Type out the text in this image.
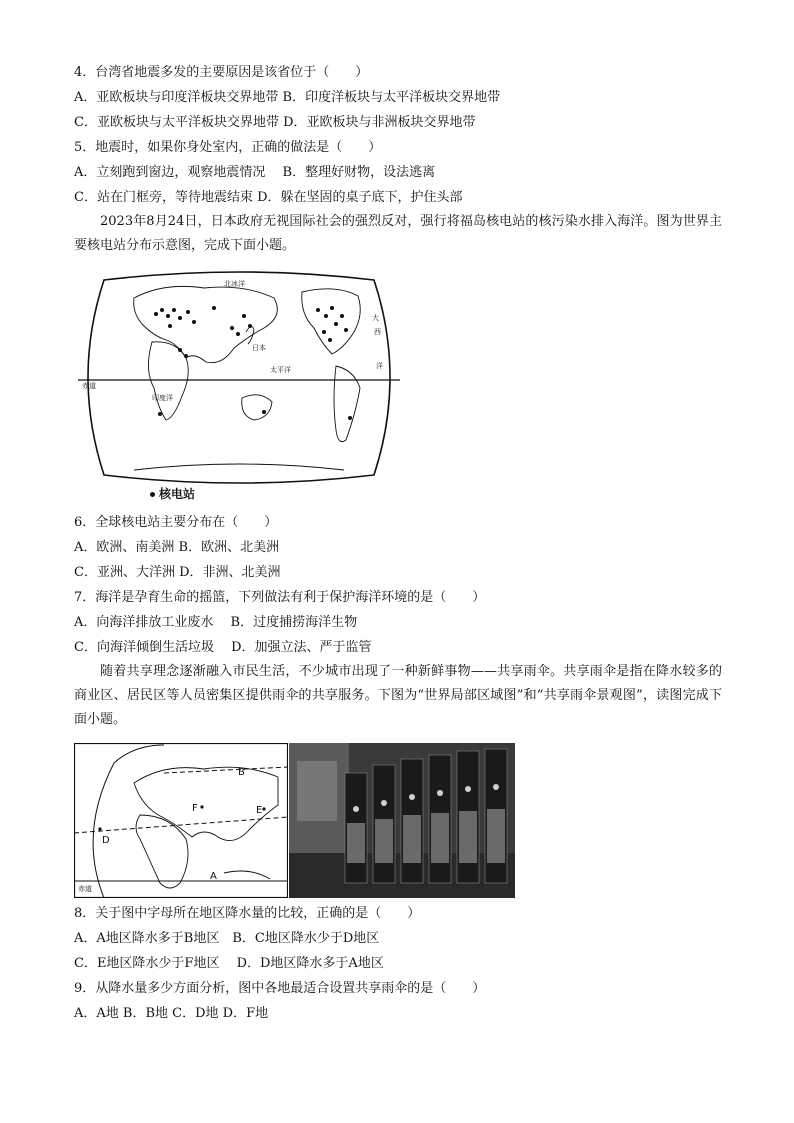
4．台湾省地震多发的主要原因是该省位于（　　）
A．亚欧板块与印度洋板块交界地带 B．印度洋板块与太平洋板块交界地带
C．亚欧板块与太平洋板块交界地带 D．亚欧板块与非洲板块交界地带
5．地震时，如果你身处室内，正确的做法是（　　）
A．立刻跑到窗边，观察地震情况　 B．整理好财物，设法逃离
C．站在门框旁，等待地震结束 D．躲在坚固的桌子底下，护住头部
2023年8月24日，日本政府无视国际社会的强烈反对，强行将福岛核电站的核污染水排入海洋。图为世界主要核电站分布示意图，完成下面小题。
北冰洋
大
西
洋
日本
太平洋
印度洋
赤道
核电站
6．全球核电站主要分布在（　　）
A．欧洲、南美洲 B．欧洲、北美洲
C．亚洲、大洋洲 D．非洲、北美洲
7．海洋是孕育生命的摇篮，下列做法有利于保护海洋环境的是（　　）
A．向海洋排放工业废水　 B．过度捕捞海洋生物
C．向海洋倾倒生活垃圾　 D．加强立法、严于监管
随着共享理念逐渐融入市民生活，不少城市出现了一种新鲜事物——共享雨伞。共享雨伞是指在降水较多的商业区、居民区等人员密集区提供雨伞的共享服务。下图为“世界局部区域图”和“共享雨伞景观图”，读图完成下面小题。
B
F	E
D
A
赤道
8．关于图中字母所在地区降水量的比较，正确的是（　　）
A．A地区降水多于B地区　B．C地区降水少于D地区
C．E地区降水少于F地区　 D．D地区降水多于A地区
9．从降水量多少方面分析，图中各地最适合设置共享雨伞的是（　　）
A．A地 B．B地 C．D地 D．F地
